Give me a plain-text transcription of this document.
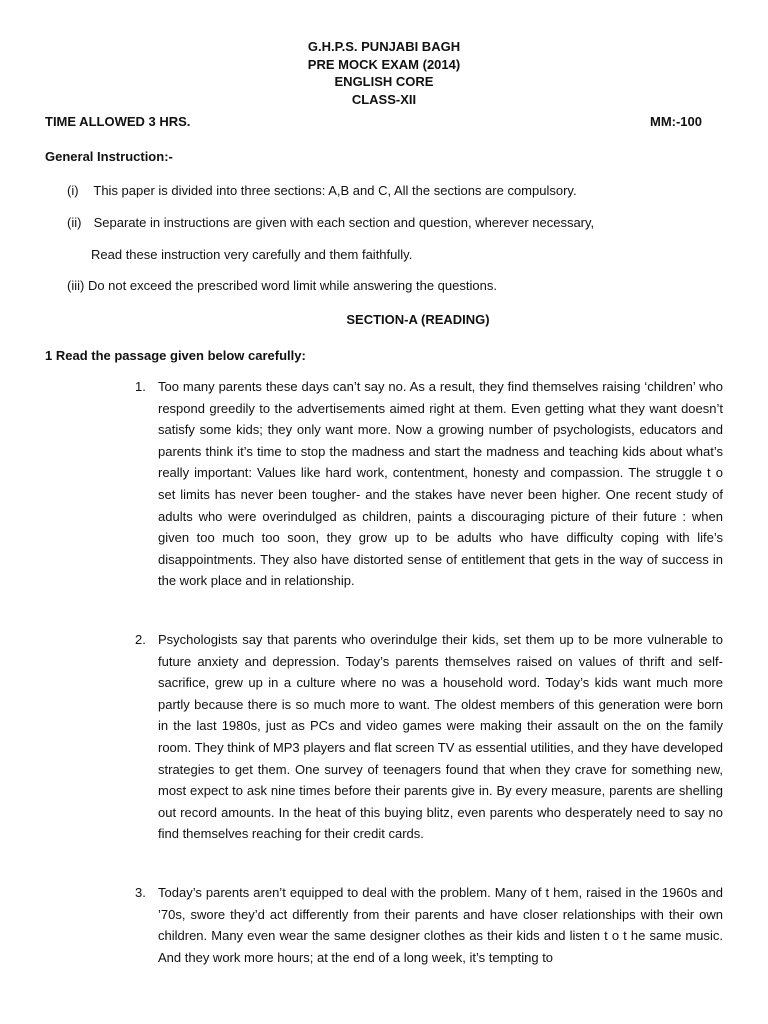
G.H.P.S. PUNJABI BAGH
PRE MOCK EXAM (2014)
ENGLISH CORE
CLASS-XII
TIME ALLOWED 3 HRS.	MM:-100
General Instruction:-
(i) This paper is divided into three sections: A,B and C, All the sections are compulsory.
(ii) Separate in instructions are given with each section and question, wherever necessary,
Read these instruction very carefully and them faithfully.
(iii) Do not exceed the prescribed word limit while answering the questions.
SECTION-A (READING)
1 Read the passage given below carefully:
1. Too many parents these days can’t say no. As a result, they find themselves raising ‘children’ who respond greedily to the advertisements aimed right at them. Even getting what they want doesn’t satisfy some kids; they only want more. Now a growing number of psychologists, educators and parents think it’s time to stop the madness and start the madness and teaching kids about what’s really important: Values like hard work, contentment, honesty and compassion. The struggle t o set limits has never been tougher- and the stakes have never been higher. One recent study of adults who were overindulged as children, paints a discouraging picture of their future : when given too much too soon, they grow up to be adults who have difficulty coping with life’s disappointments. They also have distorted sense of entitlement that gets in the way of success in the work place and in relationship.

2. Psychologists say that parents who overindulge their kids, set them up to be more vulnerable to future anxiety and depression. Today’s parents themselves raised on values of thrift and self-sacrifice, grew up in a culture where no was a household word. Today’s kids want much more partly because there is so much more to want. The oldest members of this generation were born in the last 1980s, just as PCs and video games were making their assault on the on the family room. They think of MP3 players and flat screen TV as essential utilities, and they have developed strategies to get them. One survey of teenagers found that when they crave for something new, most expect to ask nine times before their parents give in. By every measure, parents are shelling out record amounts. In the heat of this buying blitz, even parents who desperately need to say no find themselves reaching for their credit cards.

3. Today’s parents aren’t equipped to deal with the problem. Many of t hem, raised in the 1960s and ’70s, swore they’d act differently from their parents and have closer relationships with their own children. Many even wear the same designer clothes as their kids and listen t o t he same music. And they work more hours; at the end of a long week, it’s tempting to
